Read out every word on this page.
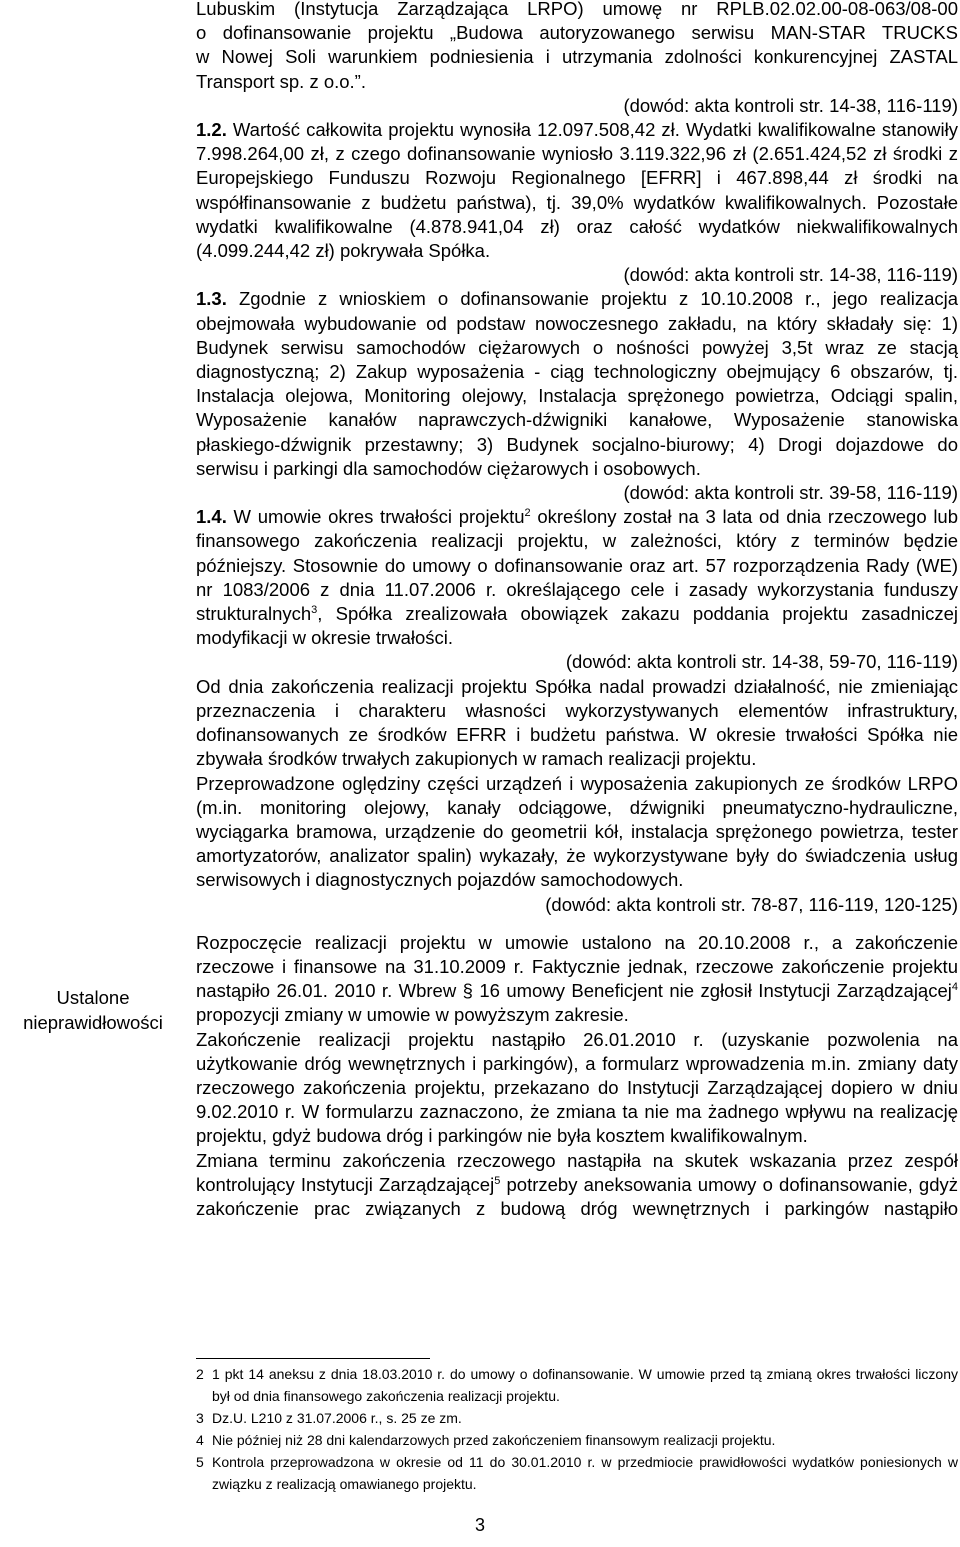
Lubuskim (Instytucja Zarządzająca LRPO) umowę nr RPLB.02.02.00-08-063/08-00

o dofinansowanie projektu „Budowa autoryzowanego serwisu MAN-STAR TRUCKS

w Nowej Soli warunkiem podniesienia i utrzymania zdolności konkurencyjnej ZASTAL

Transport sp. z o.o.”.

(dowód: akta kontroli str. 14-38, 116-119)

1.2. Wartość całkowita projektu wynosiła 12.097.508,42 zł. Wydatki kwalifikowalne stanowiły 7.998.264,00 zł, z czego dofinansowanie wyniosło 3.119.322,96 zł (2.651.424,52 zł środki z Europejskiego Funduszu Rozwoju Regionalnego [EFRR] i 467.898,44 zł środki na współfinansowanie z budżetu państwa), tj. 39,0% wydatków kwalifikowalnych. Pozostałe wydatki kwalifikowalne (4.878.941,04 zł) oraz całość wydatków niekwalifikowalnych (4.099.244,42 zł) pokrywała Spółka.

(dowód: akta kontroli str. 14-38, 116-119)

1.3. Zgodnie z wnioskiem o dofinansowanie projektu z 10.10.2008 r., jego realizacja obejmowała wybudowanie od podstaw nowoczesnego zakładu, na który składały się: 1) Budynek serwisu samochodów ciężarowych o nośności powyżej 3,5t wraz ze stacją diagnostyczną; 2) Zakup wyposażenia - ciąg technologiczny obejmujący 6 obszarów, tj. Instalacja olejowa, Monitoring olejowy, Instalacja sprężonego powietrza, Odciągi spalin, Wyposażenie kanałów naprawczych-dźwigniki kanałowe, Wyposażenie stanowiska płaskiego-dźwignik przestawny; 3) Budynek socjalno-biurowy; 4) Drogi dojazdowe do serwisu i parkingi dla samochodów ciężarowych i osobowych.

(dowód: akta kontroli str. 39-58, 116-119)

1.4. W umowie okres trwałości projektu$^2$ określony został na 3 lata od dnia rzeczowego lub finansowego zakończenia realizacji projektu, w zależności, który z terminów będzie późniejszy. Stosownie do umowy o dofinansowanie oraz art. 57 rozporządzenia Rady (WE) nr 1083/2006 z dnia 11.07.2006 r. określającego cele i zasady wykorzystania funduszy strukturalnych$^3$, Spółka zrealizowała obowiązek zakazu poddania projektu zasadniczej modyfikacji w okresie trwałości.

(dowód: akta kontroli str. 14-38, 59-70, 116-119)

Od dnia zakończenia realizacji projektu Spółka nadal prowadzi działalność, nie zmieniając przeznaczenia i charakteru własności wykorzystywanych elementów infrastruktury, dofinansowanych ze środków EFRR i budżetu państwa. W okresie trwałości Spółka nie zbywała środków trwałych zakupionych w ramach realizacji projektu.

Przeprowadzone oględziny części urządzeń i wyposażenia zakupionych ze środków LRPO (m.in. monitoring olejowy, kanały odciągowe, dźwigniki pneumatyczno-hydrauliczne, wyciągarka bramowa, urządzenie do geometrii kół, instalacja sprężonego powietrza, tester amortyzatorów, analizator spalin) wykazały, że wykorzystywane były do świadczenia usług serwisowych i diagnostycznych pojazdów samochodowych.

(dowód: akta kontroli str. 78-87, 116-119, 120-125)

Rozpoczęcie realizacji projektu w umowie ustalono na 20.10.2008 r., a zakończenie rzeczowe i finansowe na 31.10.2009 r. Faktycznie jednak, rzeczowe zakończenie projektu nastąpiło 26.01. 2010 r. Wbrew § 16 umowy Beneficjent nie zgłosił Instytucji Zarządzającej$^4$ propozycji zmiany w umowie w powyższym zakresie.

Zakończenie realizacji projektu nastąpiło 26.01.2010 r. (uzyskanie pozwolenia na użytkowanie dróg wewnętrznych i parkingów), a formularz wprowadzenia m.in. zmiany daty rzeczowego zakończenia projektu, przekazano do Instytucji Zarządzającej dopiero w dniu 9.02.2010 r. W formularzu zaznaczono, że zmiana ta nie ma żadnego wpływu na realizację projektu, gdyż budowa dróg i parkingów nie była kosztem kwalifikowalnym.

Zmiana terminu zakończenia rzeczowego nastąpiła na skutek wskazania przez zespół kontrolujący Instytucji Zarządzającej$^5$ potrzeby aneksowania umowy o dofinansowanie, gdyż zakończenie prac związanych z budową dróg wewnętrznych i parkingów nastąpiło

Ustalone
nieprawidłowości

2 1 pkt 14 aneksu z dnia 18.03.2010 r. do umowy o dofinansowanie. W umowie przed tą zmianą okres trwałości liczony był od dnia finansowego zakończenia realizacji projektu.

3 Dz.U. L210 z 31.07.2006 r., s. 25 ze zm.

4 Nie później niż 28 dni kalendarzowych przed zakończeniem finansowym realizacji projektu.

5 Kontrola przeprowadzona w okresie od 11 do 30.01.2010 r. w przedmiocie prawidłowości wydatków poniesionych w związku z realizacją omawianego projektu.

3
